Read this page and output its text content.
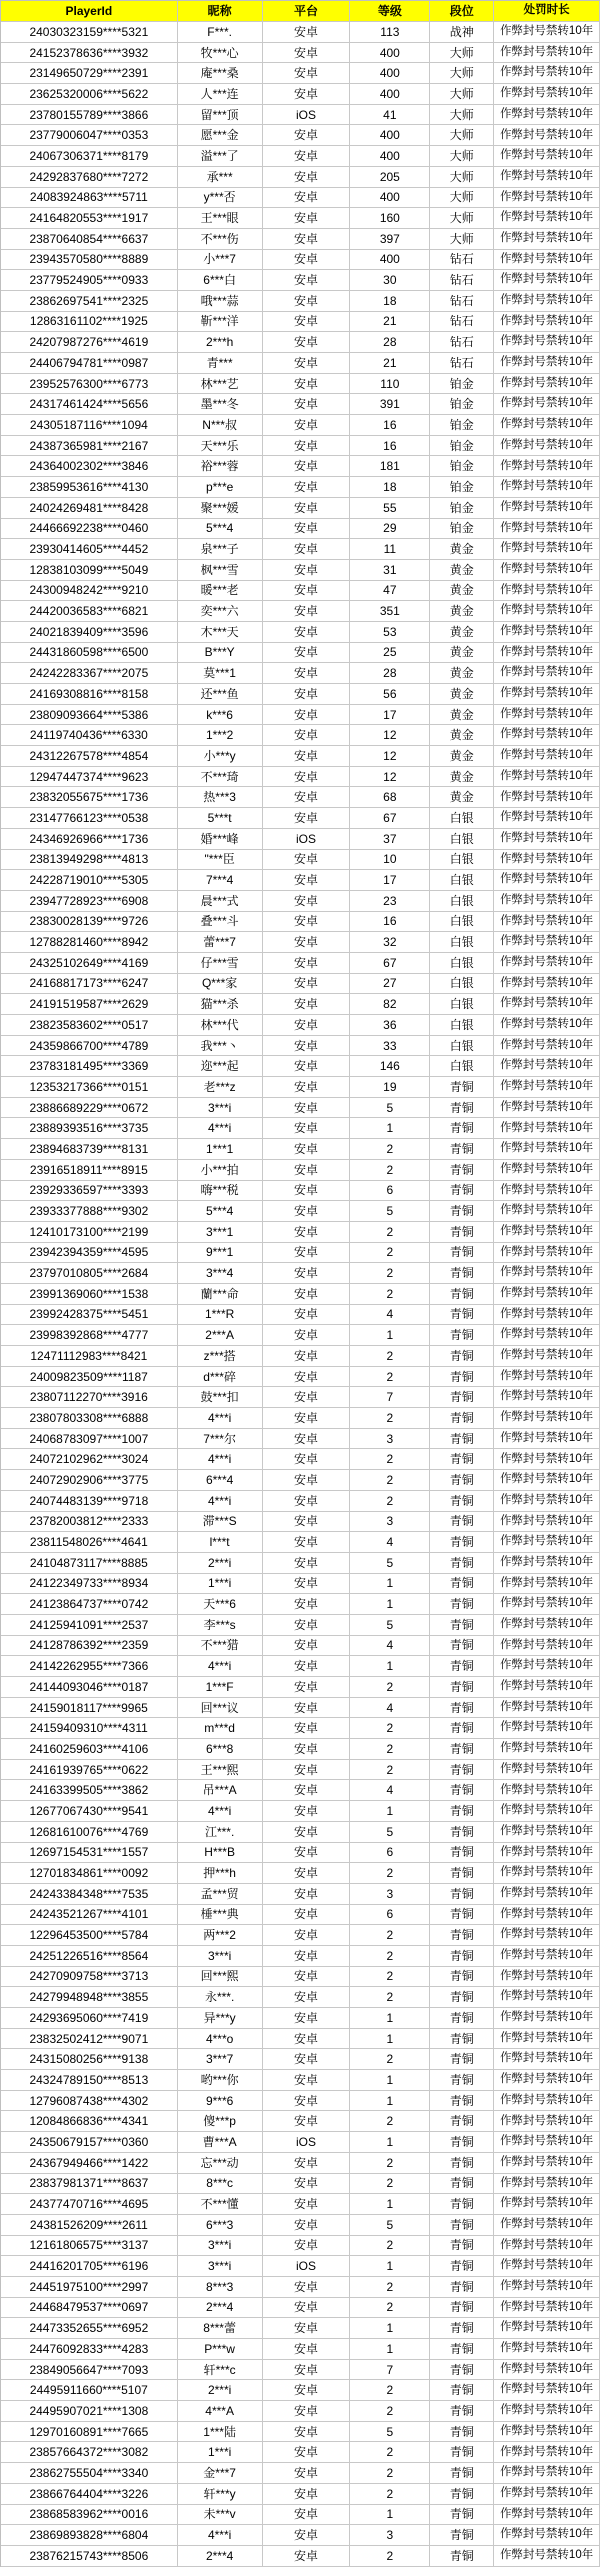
PlayerId	昵称	平台	等级	段位	处罚时长
24030323159****5321	F***.	安卓	113	战神	作弊封号禁转10年
24152378636****3932	牧***心	安卓	400	大师	作弊封号禁转10年
23149650729****2391	庵***桑	安卓	400	大师	作弊封号禁转10年
23625320006****5622	人***连	安卓	400	大师	作弊封号禁转10年
23780155789****3866	留***顶	iOS	41	大师	作弊封号禁转10年
23779006047****0353	愿***金	安卓	400	大师	作弊封号禁转10年
24067306371****8179	溢***了	安卓	400	大师	作弊封号禁转10年
24292837680****7272	承***	安卓	205	大师	作弊封号禁转10年
24083924863****5711	y***否	安卓	400	大师	作弊封号禁转10年
24164820553****1917	王***眼	安卓	160	大师	作弊封号禁转10年
23870640854****6637	不***伤	安卓	397	大师	作弊封号禁转10年
23943570580****8889	小***7	安卓	400	钻石	作弊封号禁转10年
23779524905****0933	6***白	安卓	30	钻石	作弊封号禁转10年
23862697541****2325	哦***蒜	安卓	18	钻石	作弊封号禁转10年
12863161102****1925	靳***洋	安卓	21	钻石	作弊封号禁转10年
24207987276****4619	2***h	安卓	28	钻石	作弊封号禁转10年
24406794781****0987	青***	安卓	21	钻石	作弊封号禁转10年
23952576300****6773	林***艺	安卓	110	铂金	作弊封号禁转10年
24317461424****5656	墨***冬	安卓	391	铂金	作弊封号禁转10年
24305187116****1094	N***叔	安卓	16	铂金	作弊封号禁转10年
24387365981****2167	天***乐	安卓	16	铂金	作弊封号禁转10年
24364002302****3846	裕***蓉	安卓	181	铂金	作弊封号禁转10年
23859953616****4130	p***e	安卓	18	铂金	作弊封号禁转10年
24024269481****8428	聚***媛	安卓	55	铂金	作弊封号禁转10年
24466692238****0460	5***4	安卓	29	铂金	作弊封号禁转10年
23930414605****4452	泉***子	安卓	11	黄金	作弊封号禁转10年
12838103099****5049	枫***雪	安卓	31	黄金	作弊封号禁转10年
24300948242****9210	暖***老	安卓	47	黄金	作弊封号禁转10年
24420036583****6821	奕***六	安卓	351	黄金	作弊封号禁转10年
24021839409****3596	木***天	安卓	53	黄金	作弊封号禁转10年
24431860598****6500	B***Y	安卓	25	黄金	作弊封号禁转10年
24242283367****2075	莫***1	安卓	28	黄金	作弊封号禁转10年
24169308816****8158	还***鱼	安卓	56	黄金	作弊封号禁转10年
23809093664****5386	k***6	安卓	17	黄金	作弊封号禁转10年
24119740436****6330	1***2	安卓	12	黄金	作弊封号禁转10年
24312267578****4854	小***y	安卓	12	黄金	作弊封号禁转10年
12947447374****9623	不***琦	安卓	12	黄金	作弊封号禁转10年
23832055675****1736	热***3	安卓	68	黄金	作弊封号禁转10年
23147766123****0538	5***t	安卓	67	白银	作弊封号禁转10年
24346926966****1736	婚***峰	iOS	37	白银	作弊封号禁转10年
23813949298****4813	"***臣	安卓	10	白银	作弊封号禁转10年
24228719010****5305	7***4	安卓	17	白银	作弊封号禁转10年
23947728923****6908	晨***式	安卓	23	白银	作弊封号禁转10年
23830028139****9726	叠***斗	安卓	16	白银	作弊封号禁转10年
12788281460****8942	蕾***7	安卓	32	白银	作弊封号禁转10年
24325102649****4169	仔***雪	安卓	67	白银	作弊封号禁转10年
24168817173****6247	Q***家	安卓	27	白银	作弊封号禁转10年
24191519587****2629	猫***杀	安卓	82	白银	作弊封号禁转10年
23823583602****0517	林***代	安卓	36	白银	作弊封号禁转10年
24359866700****4789	我***丶	安卓	33	白银	作弊封号禁转10年
23783181495****3369	迩***起	安卓	146	白银	作弊封号禁转10年
12353217366****0151	老***z	安卓	19	青铜	作弊封号禁转10年
23886689229****0672	3***i	安卓	5	青铜	作弊封号禁转10年
23889393516****3735	4***i	安卓	1	青铜	作弊封号禁转10年
23894683739****8131	1***1	安卓	2	青铜	作弊封号禁转10年
23916518911****8915	小***拍	安卓	2	青铜	作弊封号禁转10年
23929336597****3393	嗨***税	安卓	6	青铜	作弊封号禁转10年
23933377888****9302	5***4	安卓	5	青铜	作弊封号禁转10年
12410173100****2199	3***1	安卓	2	青铜	作弊封号禁转10年
23942394359****4595	9***1	安卓	2	青铜	作弊封号禁转10年
23797010805****2684	3***4	安卓	2	青铜	作弊封号禁转10年
23991369060****1538	蘭***命	安卓	2	青铜	作弊封号禁转10年
23992428375****5451	1***R	安卓	4	青铜	作弊封号禁转10年
23998392868****4777	2***A	安卓	1	青铜	作弊封号禁转10年
12471112983****8421	z***搭	安卓	2	青铜	作弊封号禁转10年
24009823509****1187	d***碎	安卓	2	青铜	作弊封号禁转10年
23807112270****3916	鼓***扣	安卓	7	青铜	作弊封号禁转10年
23807803308****6888	4***i	安卓	2	青铜	作弊封号禁转10年
24068783097****1007	7***尔	安卓	3	青铜	作弊封号禁转10年
24072102962****3024	4***i	安卓	2	青铜	作弊封号禁转10年
24072902906****3775	6***4	安卓	2	青铜	作弊封号禁转10年
24074483139****9718	4***i	安卓	2	青铜	作弊封号禁转10年
23782003812****2333	滞***S	安卓	3	青铜	作弊封号禁转10年
23811548026****4641	l***t	安卓	4	青铜	作弊封号禁转10年
24104873117****8885	2***i	安卓	5	青铜	作弊封号禁转10年
24122349733****8934	1***i	安卓	1	青铜	作弊封号禁转10年
24123864737****0742	天***6	安卓	1	青铜	作弊封号禁转10年
24125941091****2537	李***s	安卓	5	青铜	作弊封号禁转10年
24128786392****2359	不***猎	安卓	4	青铜	作弊封号禁转10年
24142262955****7366	4***i	安卓	1	青铜	作弊封号禁转10年
24144093046****0187	1***F	安卓	2	青铜	作弊封号禁转10年
24159018117****9965	回***议	安卓	4	青铜	作弊封号禁转10年
24159409310****4311	m***d	安卓	2	青铜	作弊封号禁转10年
24160259603****4106	6***8	安卓	2	青铜	作弊封号禁转10年
24161939765****0622	王***熙	安卓	2	青铜	作弊封号禁转10年
24163399505****3862	吊***A	安卓	4	青铜	作弊封号禁转10年
12677067430****9541	4***i	安卓	1	青铜	作弊封号禁转10年
12681610076****4769	江***.	安卓	5	青铜	作弊封号禁转10年
12697154531****1557	H***B	安卓	6	青铜	作弊封号禁转10年
12701834861****0092	押***h	安卓	2	青铜	作弊封号禁转10年
24243384348****7535	孟***贸	安卓	3	青铜	作弊封号禁转10年
24243521267****4101	棰***典	安卓	6	青铜	作弊封号禁转10年
12296453500****5784	两***2	安卓	2	青铜	作弊封号禁转10年
24251226516****8564	3***i	安卓	2	青铜	作弊封号禁转10年
24270909758****3713	回***熙	安卓	2	青铜	作弊封号禁转10年
24279948948****3855	永***.	安卓	2	青铜	作弊封号禁转10年
24293695060****7419	异***y	安卓	1	青铜	作弊封号禁转10年
23832502412****9071	4***o	安卓	1	青铜	作弊封号禁转10年
24315080256****9138	3***7	安卓	2	青铜	作弊封号禁转10年
24324789150****8513	哟***你	安卓	1	青铜	作弊封号禁转10年
12796087438****4302	9***6	安卓	1	青铜	作弊封号禁转10年
12084866836****4341	傻***p	安卓	2	青铜	作弊封号禁转10年
24350679157****0360	曹***A	iOS	1	青铜	作弊封号禁转10年
24367949466****1422	忘***动	安卓	2	青铜	作弊封号禁转10年
23837981371****8637	8***c	安卓	2	青铜	作弊封号禁转10年
24377470716****4695	不***懂	安卓	1	青铜	作弊封号禁转10年
24381526209****2611	6***3	安卓	5	青铜	作弊封号禁转10年
12161806575****3137	3***i	安卓	2	青铜	作弊封号禁转10年
24416201705****6196	3***i	iOS	1	青铜	作弊封号禁转10年
24451975100****2997	8***3	安卓	2	青铜	作弊封号禁转10年
24468479537****0697	2***4	安卓	2	青铜	作弊封号禁转10年
24473352655****6952	8***蕾	安卓	1	青铜	作弊封号禁转10年
24476092833****4283	P***w	安卓	1	青铜	作弊封号禁转10年
23849056647****7093	轩***c	安卓	7	青铜	作弊封号禁转10年
24495911660****5107	2***i	安卓	2	青铜	作弊封号禁转10年
24495907021****1308	4***A	安卓	2	青铜	作弊封号禁转10年
12970160891****7665	1***陆	安卓	5	青铜	作弊封号禁转10年
23857664372****3082	1***i	安卓	2	青铜	作弊封号禁转10年
23862755504****3340	金***7	安卓	2	青铜	作弊封号禁转10年
23866764404****3226	轩***y	安卓	2	青铜	作弊封号禁转10年
23868583962****0016	未***v	安卓	1	青铜	作弊封号禁转10年
23869893828****6804	4***i	安卓	3	青铜	作弊封号禁转10年
23876215743****8506	2***4	安卓	2	青铜	作弊封号禁转10年
